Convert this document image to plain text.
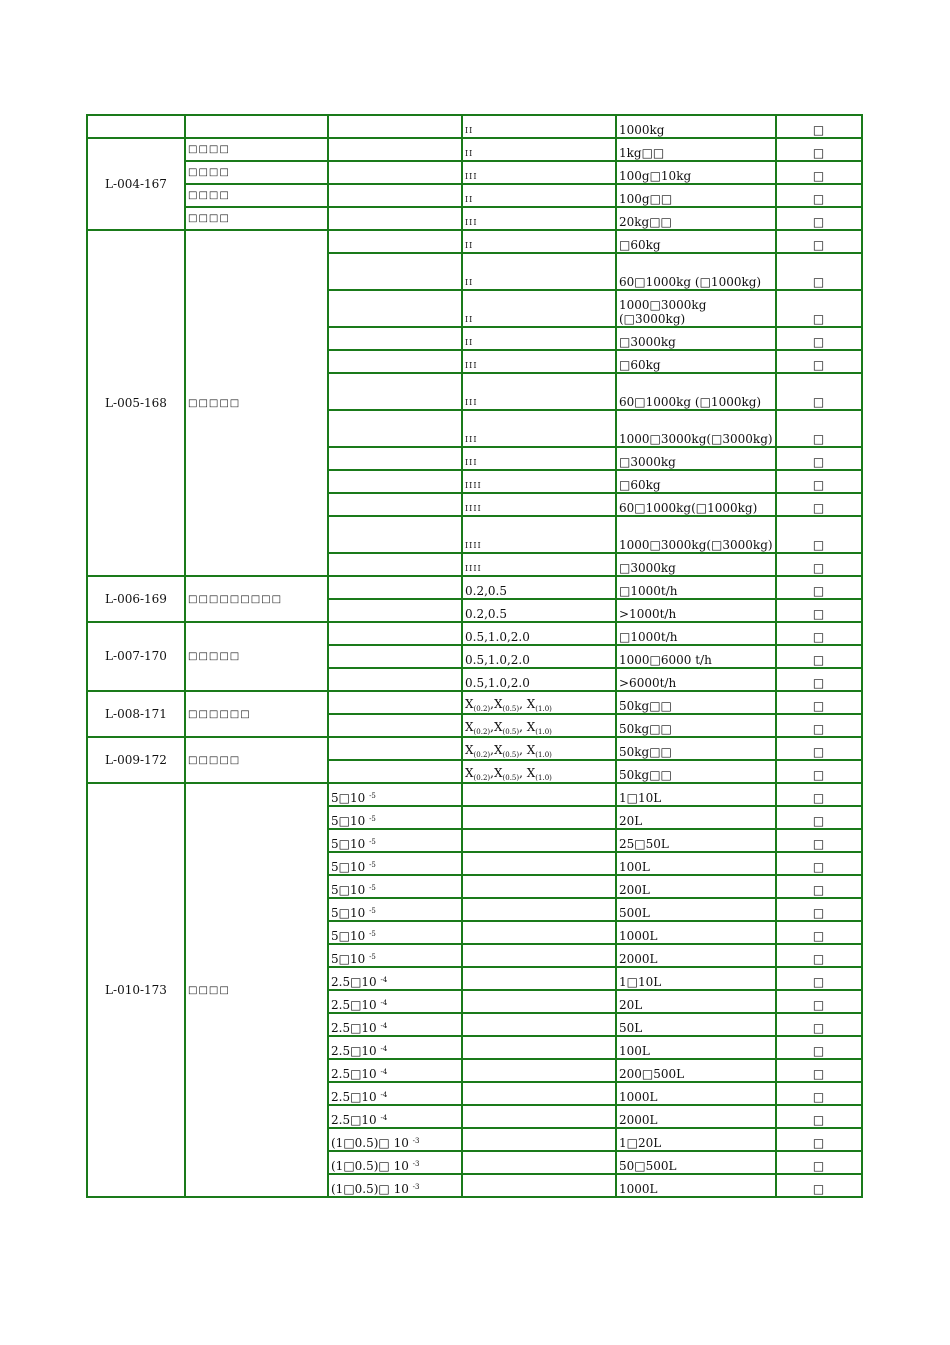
			II	1000kg	□
L-004-167	□□□□		II	1kg□□	□
	□□□□		III	100g□10kg	□
	□□□□		II	100g□□	□
	□□□□		III	20kg□□	□
L-005-168	□□□□□		II	□60kg	□
			II	60□1000kg (□1000kg)	□
			II	1000□3000kg (□3000kg)	□
			II	□3000kg	□
			III	□60kg	□
			III	60□1000kg (□1000kg)	□
			III	1000□3000kg(□3000kg)	□
			III	□3000kg	□
			IIII	□60kg	□
			IIII	60□1000kg(□1000kg)	□
			IIII	1000□3000kg(□3000kg)	□
			IIII	□3000kg	□
L-006-169	□□□□□□□□□		0.2,0.5	□1000t/h	□
			0.2,0.5	>1000t/h	□
L-007-170	□□□□□		0.5,1.0,2.0	□1000t/h	□
			0.5,1.0,2.0	1000□6000 t/h	□
			0.5,1.0,2.0	>6000t/h	□
L-008-171	□□□□□□		$X_{(0.2)},X_{(0.5)}$, $X_{(1.0)}$	50kg□□	□
			$X_{(0.2)},X_{(0.5)}$, $X_{(1.0)}$	50kg□□	□
L-009-172	□□□□□		$X_{(0.2)},X_{(0.5)}$, $X_{(1.0)}$	50kg□□	□
			$X_{(0.2)},X_{(0.5)}$, $X_{(1.0)}$	50kg□□	□
L-010-173	□□□□	5□10 $^{-5}$		1□10L	□
		5□10 $^{-5}$		20L	□
		5□10 $^{-5}$		25□50L	□
		5□10 $^{-5}$		100L	□
		5□10 $^{-5}$		200L	□
		5□10 $^{-5}$		500L	□
		5□10 $^{-5}$		1000L	□
		5□10 $^{-5}$		2000L	□
		2.5□10 $^{-4}$		1□10L	□
		2.5□10 $^{-4}$		20L	□
		2.5□10 $^{-4}$		50L	□
		2.5□10 $^{-4}$		100L	□
		2.5□10 $^{-4}$		200□500L	□
		2.5□10 $^{-4}$		1000L	□
		2.5□10 $^{-4}$		2000L	□
		(1□0.5)□ 10 $^{-3}$		1□20L	□
		(1□0.5)□ 10 $^{-3}$		50□500L	□
		(1□0.5)□ 10 $^{-3}$		1000L	□
